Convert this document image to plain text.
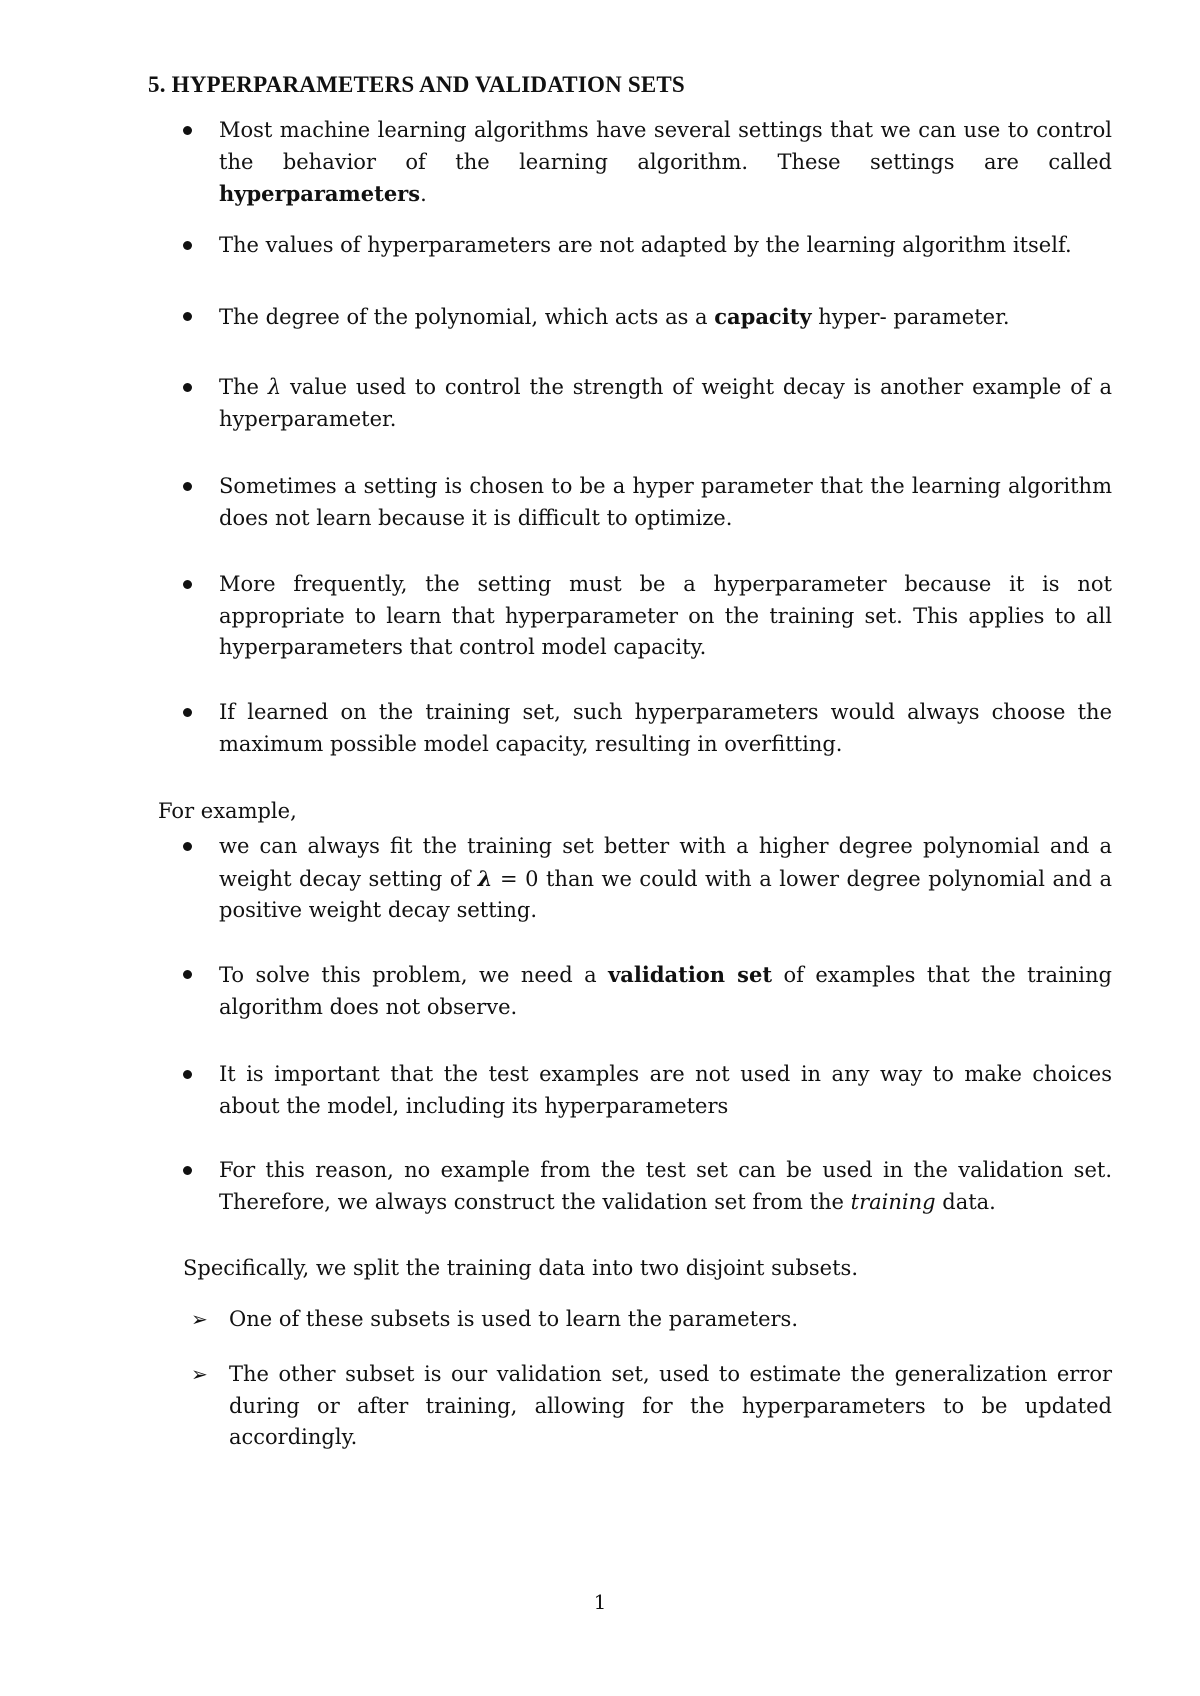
5. HYPERPARAMETERS AND VALIDATION SETS
Most machine learning algorithms have several settings that we can use to control the behavior of the learning algorithm. These settings are called hyperparameters.
The values of hyperparameters are not adapted by the learning algorithm itself.
The degree of the polynomial, which acts as a capacity hyper- parameter.
The λ value used to control the strength of weight decay is another example of a hyperparameter.
Sometimes a setting is chosen to be a hyper parameter that the learning algorithm does not learn because it is difficult to optimize.
More frequently, the setting must be a hyperparameter because it is not appropriate to learn that hyperparameter on the training set. This applies to all hyperparameters that control model capacity.
If learned on the training set, such hyperparameters would always choose the maximum possible model capacity, resulting in overfitting.
For example,
we can always fit the training set better with a higher degree polynomial and a weight decay setting of λ = 0 than we could with a lower degree polynomial and a positive weight decay setting.
To solve this problem, we need a validation set of examples that the training algorithm does not observe.
It is important that the test examples are not used in any way to make choices about the model, including its hyperparameters
For this reason, no example from the test set can be used in the validation set. Therefore, we always construct the validation set from the training data.
Specifically, we split the training data into two disjoint subsets.
➢ One of these subsets is used to learn the parameters.
➢ The other subset is our validation set, used to estimate the generalization error during or after training, allowing for the hyperparameters to be updated accordingly.
1
